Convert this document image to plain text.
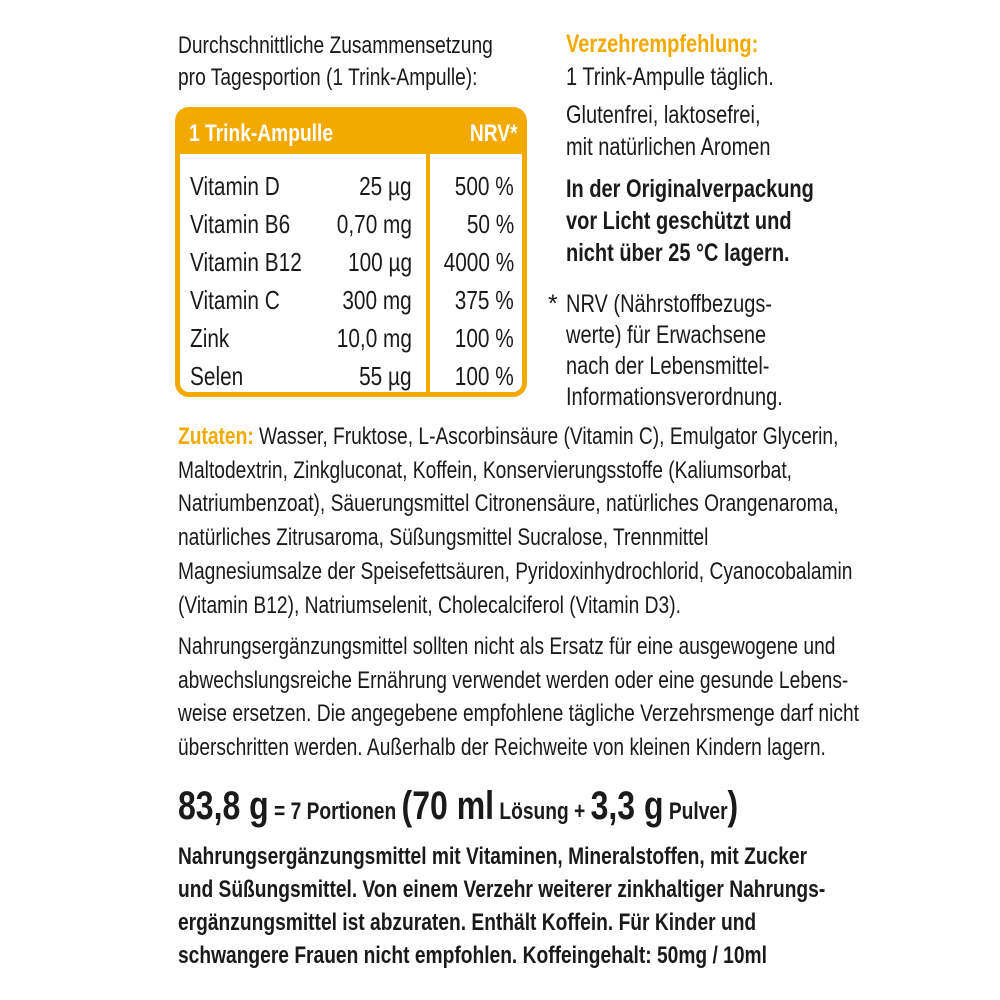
Durchschnittliche Zusammensetzung
pro Tagesportion (1 Trink-Ampulle):
1 Trink-Ampulle	NRV*
Vitamin D	25 µg	500 %
Vitamin B6	0,70 mg	50 %
Vitamin B12	100 µg	4000 %
Vitamin C	300 mg	375 %
Zink	10,0 mg	100 %
Selen	55 µg	100 %
Verzehrempfehlung:
1 Trink-Ampulle täglich.
Glutenfrei, laktosefrei,
mit natürlichen Aromen
In der Originalverpackung
vor Licht geschützt und
nicht über 25 °C lagern.
* NRV (Nährstoffbezugs-
werte) für Erwachsene
nach der Lebensmittel-
Informationsverordnung.
Zutaten: Wasser, Fruktose, L-Ascorbinsäure (Vitamin C), Emulgator Glycerin,
Maltodextrin, Zinkgluconat, Koffein, Konservierungsstoffe (Kaliumsorbat,
Natriumbenzoat), Säuerungsmittel Citronensäure, natürliches Orangenaroma,
natürliches Zitrusaroma, Süßungsmittel Sucralose, Trennmittel
Magnesiumsalze der Speisefettsäuren, Pyridoxinhydrochlorid, Cyanocobalamin
(Vitamin B12), Natriumselenit, Cholecalciferol (Vitamin D3).
Nahrungsergänzungsmittel sollten nicht als Ersatz für eine ausgewogene und
abwechslungsreiche Ernährung verwendet werden oder eine gesunde Lebens-
weise ersetzen. Die angegebene empfohlene tägliche Verzehrsmenge darf nicht
überschritten werden. Außerhalb der Reichweite von kleinen Kindern lagern.
83,8 g = 7 Portionen (70 ml Lösung + 3,3 g Pulver)
Nahrungsergänzungsmittel mit Vitaminen, Mineralstoffen, mit Zucker
und Süßungsmittel. Von einem Verzehr weiterer zinkhaltiger Nahrungs-
ergänzungsmittel ist abzuraten. Enthält Koffein. Für Kinder und
schwangere Frauen nicht empfohlen. Koffeingehalt: 50mg / 10ml
